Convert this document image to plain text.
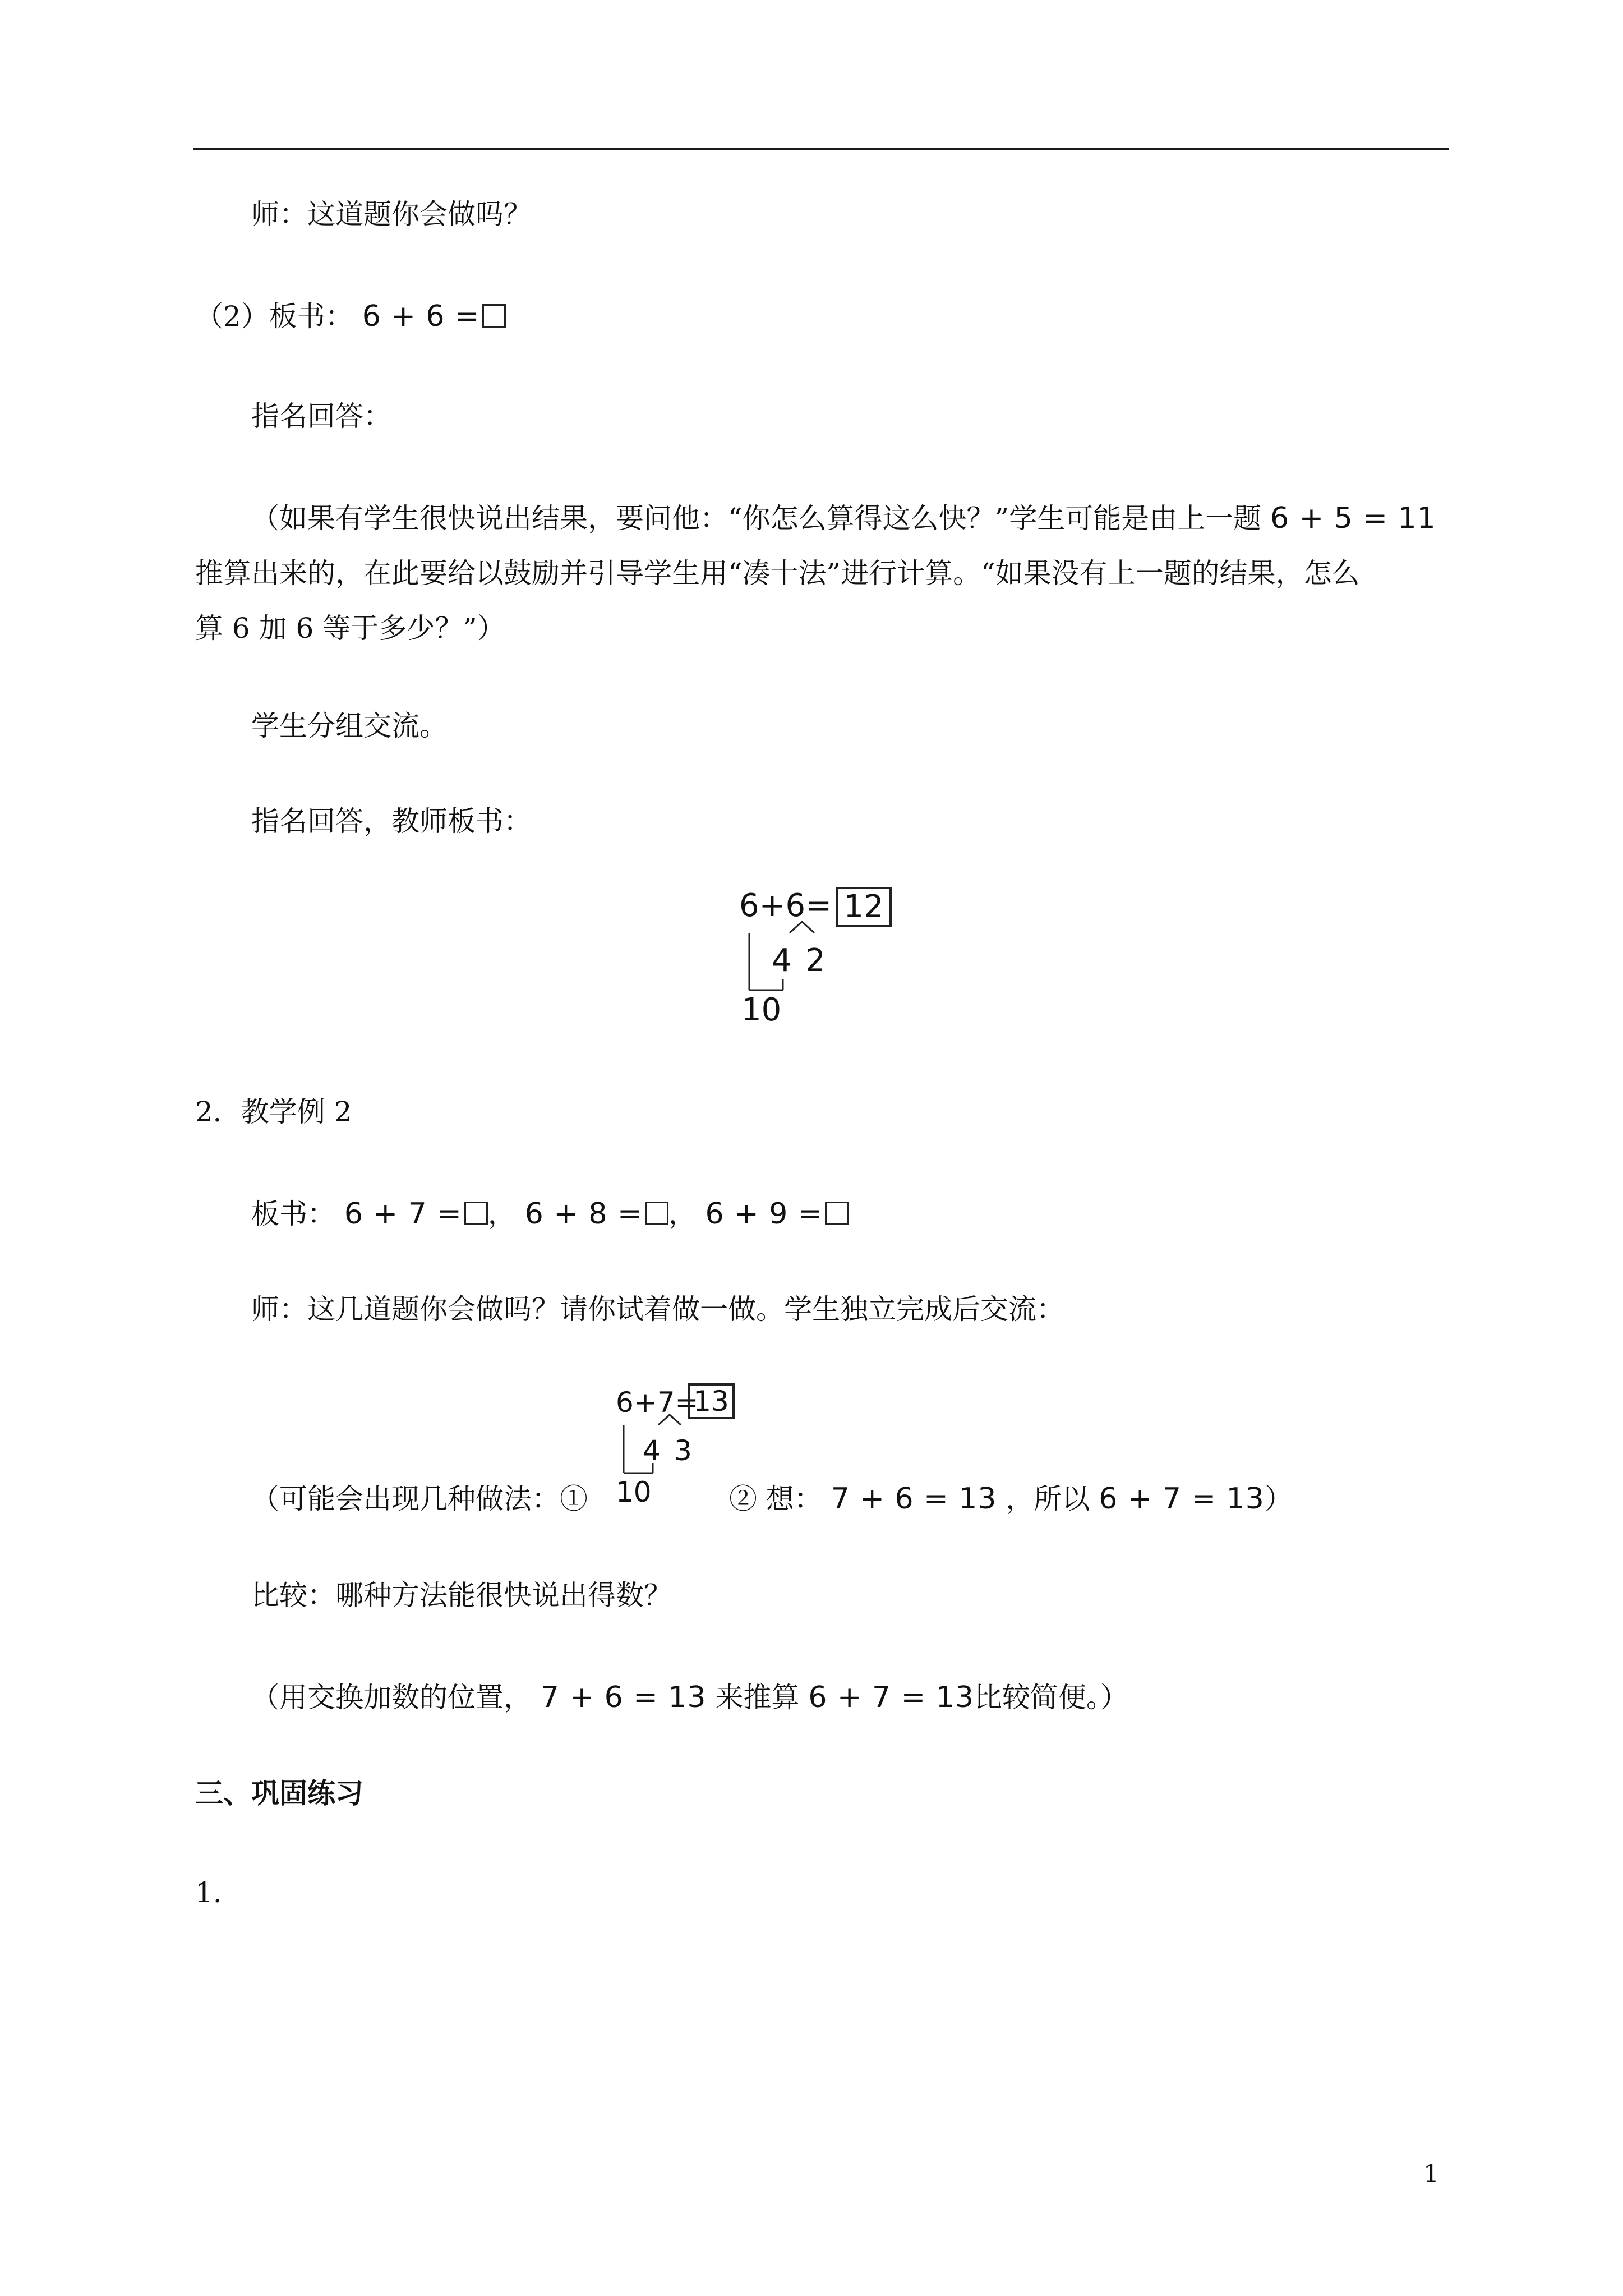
师：这道题你会做吗？
（2）板书： 6 + 6 =
指名回答：
（如果有学生很快说出结果，要问他：“你怎么算得这么快？”学生可能是由上一题 6 + 5 = 11
推算出来的，在此要给以鼓励并引导学生用“凑十法”进行计算。“如果没有上一题的结果，怎么
算 6 加 6 等于多少？”）
学生分组交流。
指名回答，教师板书：
6+6= 12
4 2
10
2．教学例 2
板书： 6 + 7 = ， 6 + 8 = ， 6 + 9 =
师：这几道题你会做吗？请你试着做一做。学生独立完成后交流：
6+7=
13
4 3
10
（可能会出现几种做法：①	② 想： 7 + 6 = 13 ，所以 6 + 7 = 13）
比较：哪种方法能很快说出得数？
（用交换加数的位置， 7 + 6 = 13 来推算 6 + 7 = 13比较简便。）
三、巩固练习
1.
1
